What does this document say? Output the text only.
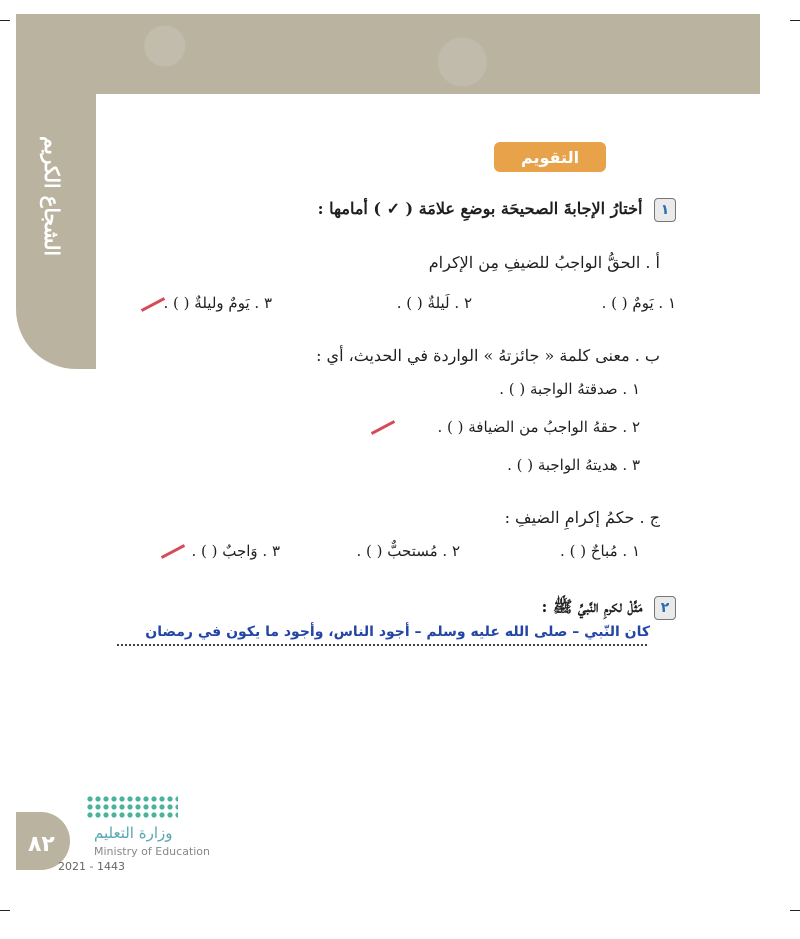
الشجاع الكريم	التقويم
١ أختارُ الإجابةَ الصحيحَة بوضعِ علامَة ( ✓ ) أمامها :
أ . الحقُّ الواجبُ للضيفِ مِن الإكرام
١ . يَومٌ ( ) .
٢ . لَيلةٌ ( ) .
٣ . يَومٌ وليلةٌ ( ) .
ب . معنى كلمة « جائزتهُ » الواردة في الحديث، أي :
١ . صدقتهُ الواجبة ( ) .
٢ . حقهُ الواجبُ من الضيافة ( ) .
٣ . هديتهُ الواجبة ( ) .
ج . حكمُ إكرامِ الضيفِ :
١ . مُباحٌ ( ) .
٢ . مُستحبٌّ ( ) .
٣ . وَاجبٌ ( ) .
٢ مَثِّلْ لكرمِ النَّبيِّ ﷺ :
كان النّبي – صلى الله عليه وسلم – أجود الناس، وأجود ما يكون في رمضان
٨٢	وزارة التعليم
Ministry of Education
2021 - 1443
